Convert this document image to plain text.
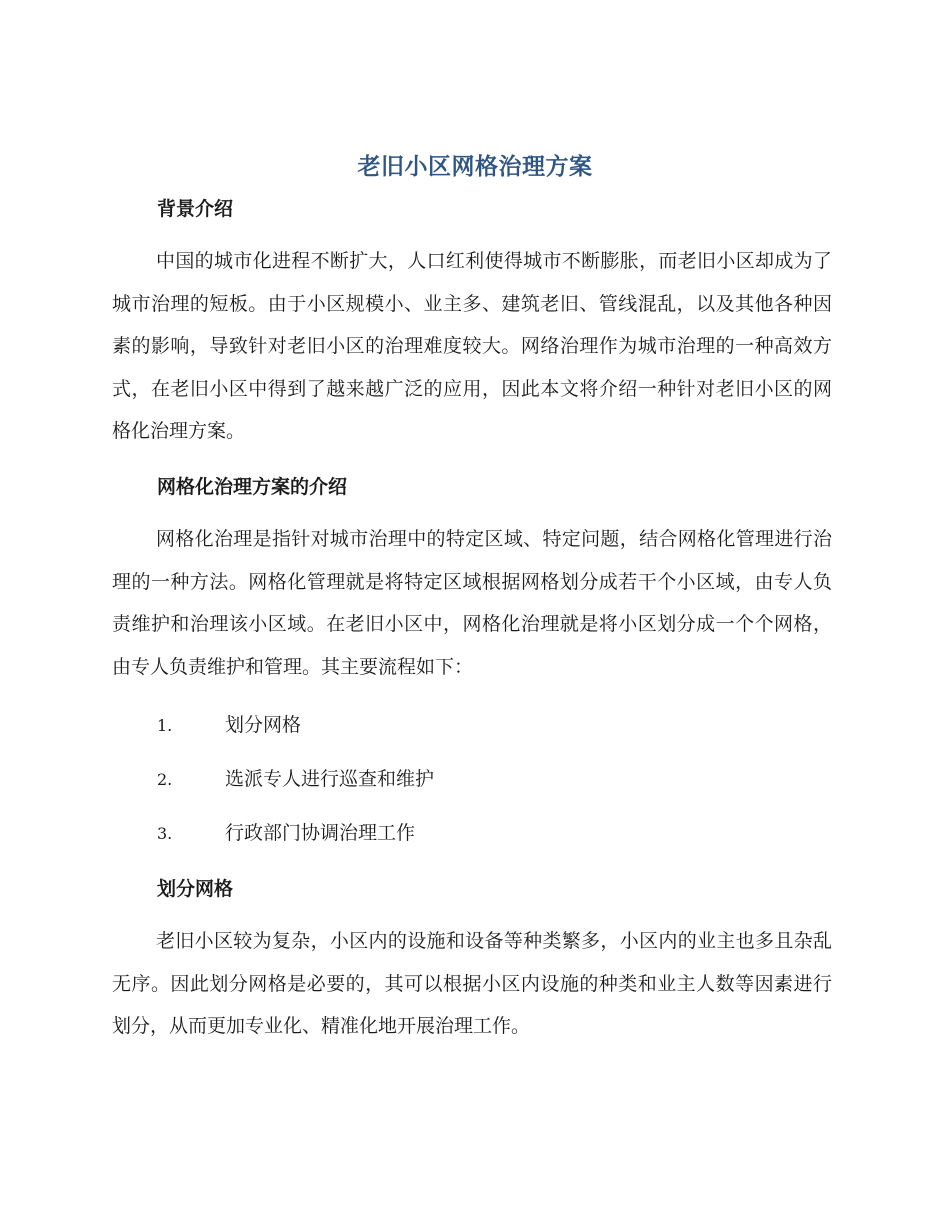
老旧小区网格治理方案
背景介绍
中国的城市化进程不断扩大，人口红利使得城市不断膨胀，而老旧小区却成为了城市治理的短板。由于小区规模小、业主多、建筑老旧、管线混乱，以及其他各种因素的影响，导致针对老旧小区的治理难度较大。网络治理作为城市治理的一种高效方式，在老旧小区中得到了越来越广泛的应用，因此本文将介绍一种针对老旧小区的网格化治理方案。
网格化治理方案的介绍
网格化治理是指针对城市治理中的特定区域、特定问题，结合网格化管理进行治理的一种方法。网格化管理就是将特定区域根据网格划分成若干个小区域，由专人负责维护和治理该小区域。在老旧小区中，网格化治理就是将小区划分成一个个网格，由专人负责维护和管理。其主要流程如下：
1.	划分网格
2.	选派专人进行巡查和维护
3.	行政部门协调治理工作
划分网格
老旧小区较为复杂，小区内的设施和设备等种类繁多，小区内的业主也多且杂乱无序。因此划分网格是必要的，其可以根据小区内设施的种类和业主人数等因素进行划分，从而更加专业化、精准化地开展治理工作。
